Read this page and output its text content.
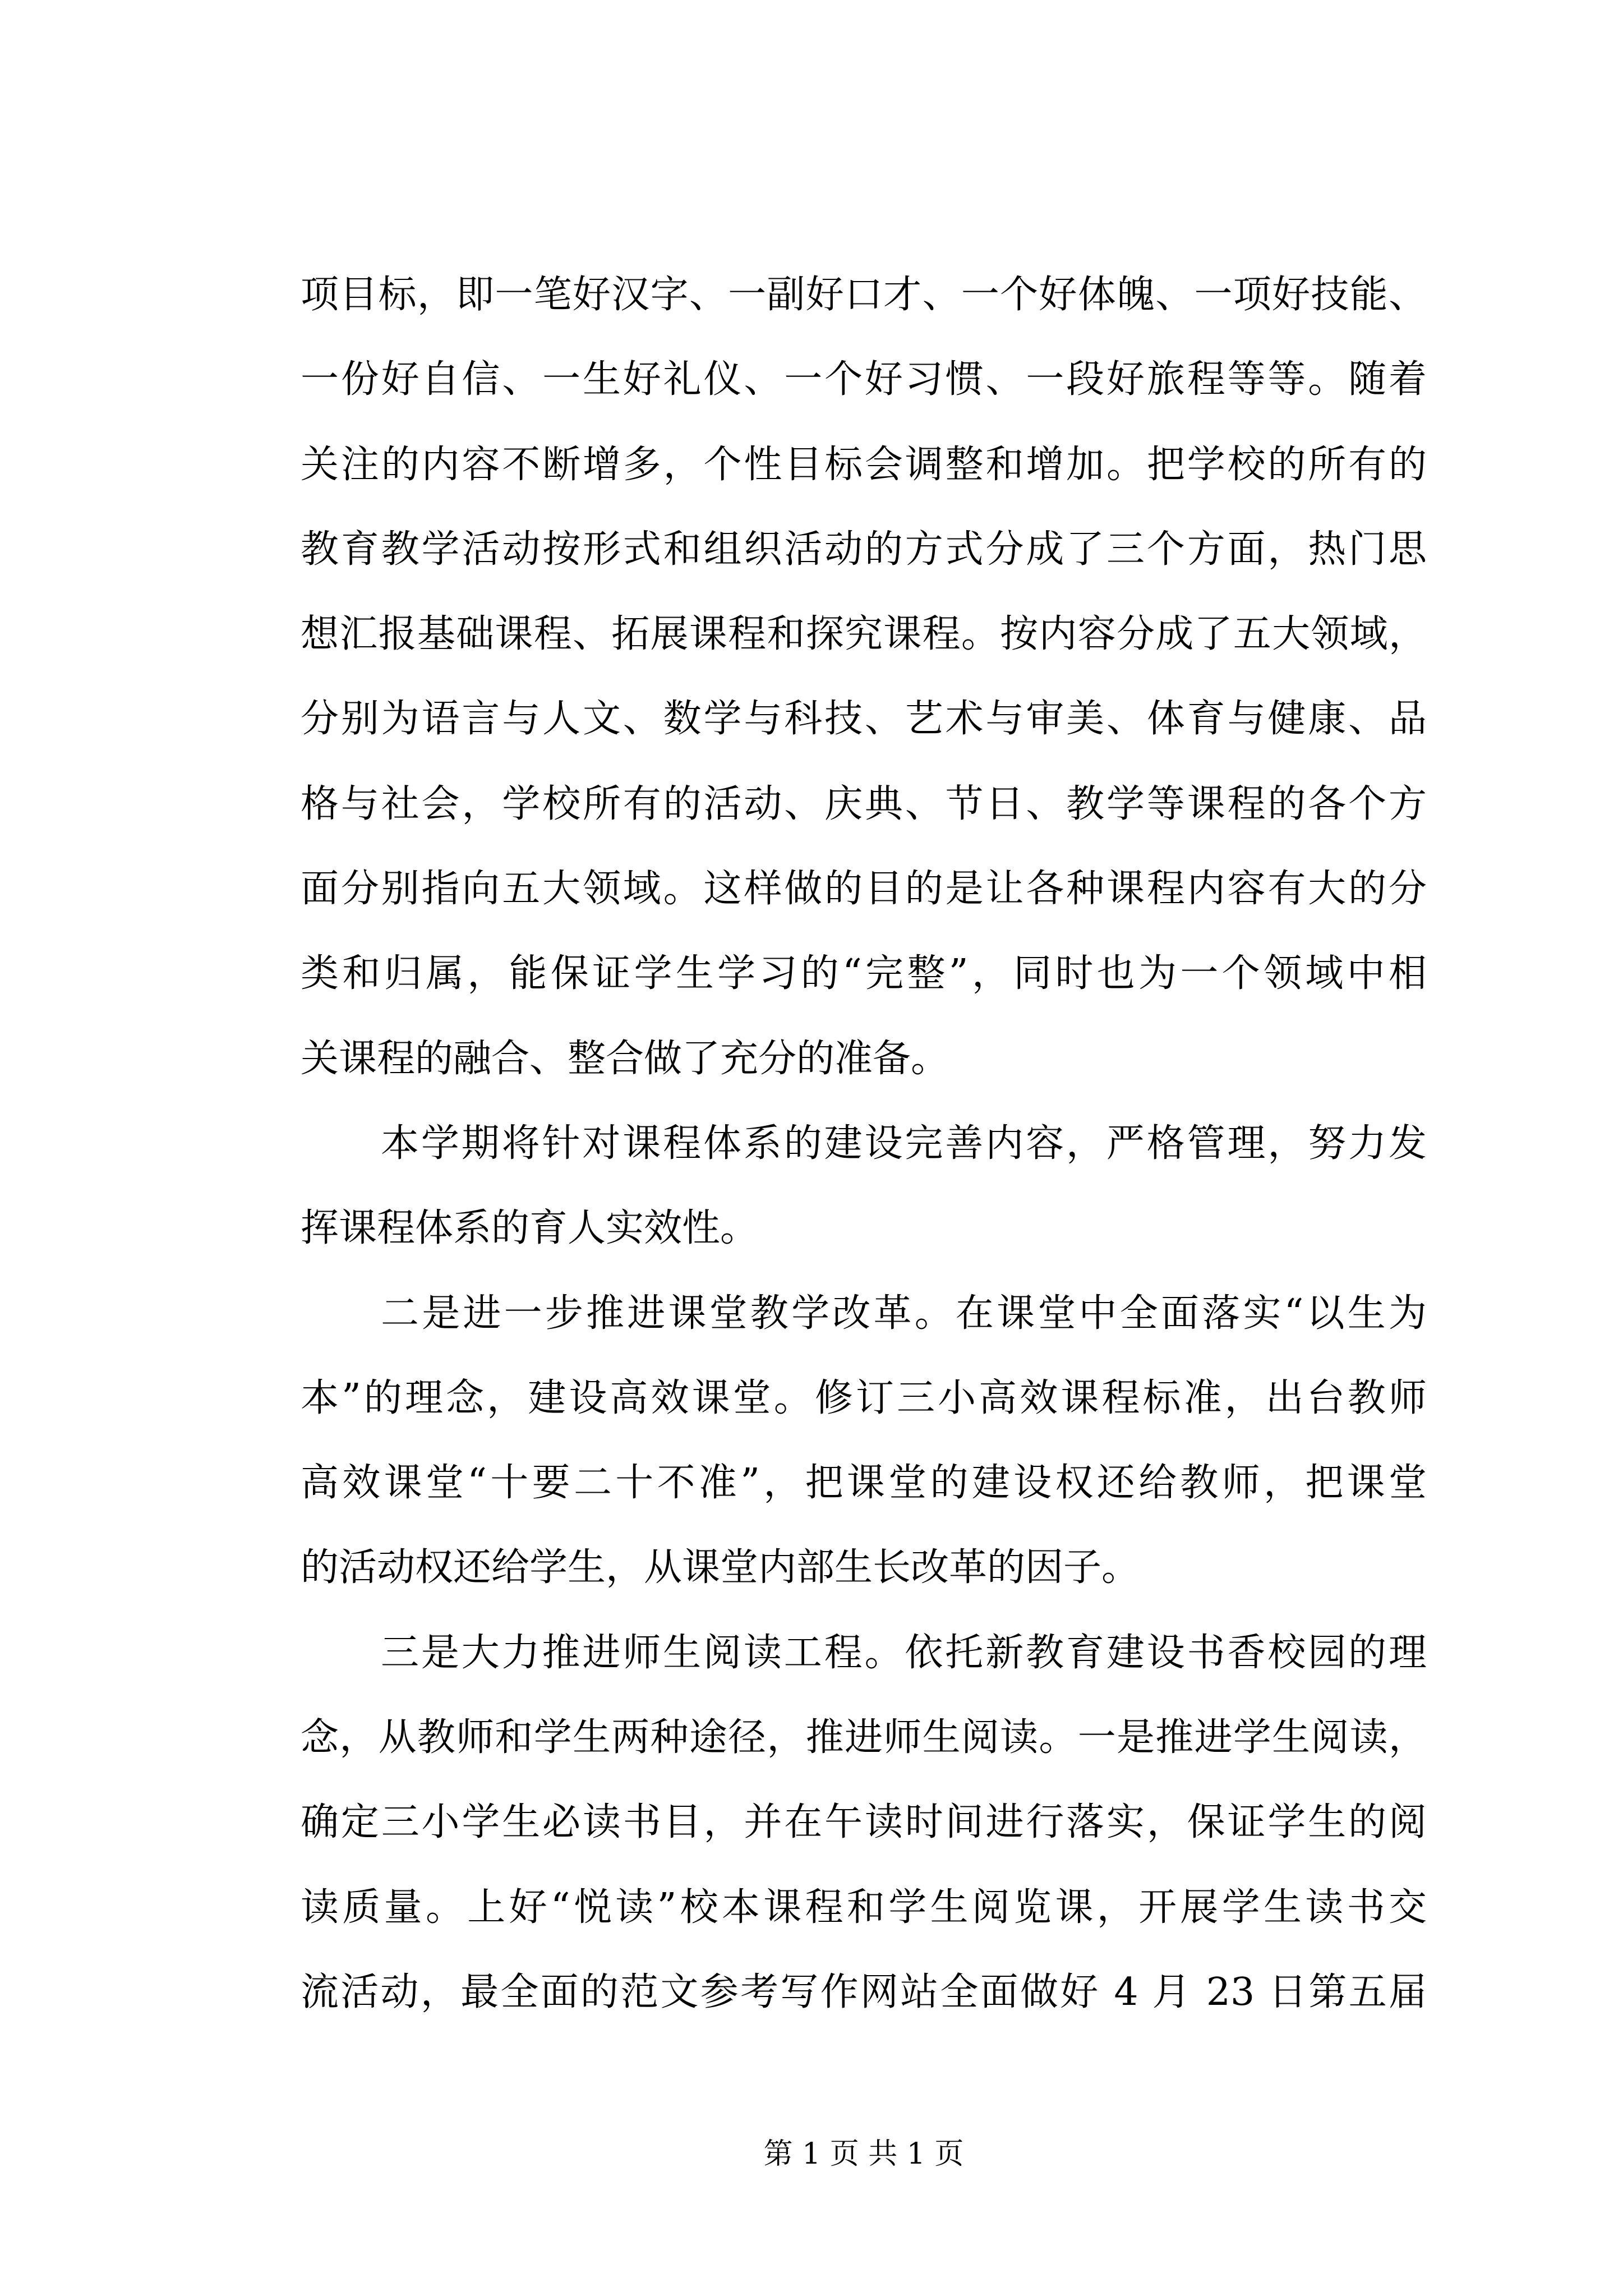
项目标，即一笔好汉字、一副好口才、一个好体魄、一项好技能、
一份好自信、一生好礼仪、一个好习惯、一段好旅程等等。随着
关注的内容不断增多，个性目标会调整和增加。把学校的所有的
教育教学活动按形式和组织活动的方式分成了三个方面，热门思
想汇报基础课程、拓展课程和探究课程。按内容分成了五大领域，
分别为语言与人文、数学与科技、艺术与审美、体育与健康、品
格与社会，学校所有的活动、庆典、节日、教学等课程的各个方
面分别指向五大领域。这样做的目的是让各种课程内容有大的分
类和归属，能保证学生学习的“完整”，同时也为一个领域中相
关课程的融合、整合做了充分的准备。
本学期将针对课程体系的建设完善内容，严格管理，努力发
挥课程体系的育人实效性。
二是进一步推进课堂教学改革。在课堂中全面落实“以生为
本”的理念，建设高效课堂。修订三小高效课程标准，出台教师
高效课堂“十要二十不准”，把课堂的建设权还给教师，把课堂
的活动权还给学生，从课堂内部生长改革的因子。
三是大力推进师生阅读工程。依托新教育建设书香校园的理
念，从教师和学生两种途径，推进师生阅读。一是推进学生阅读，
确定三小学生必读书目，并在午读时间进行落实，保证学生的阅
读质量。上好“悦读”校本课程和学生阅览课，开展学生读书交
流活动，最全面的范文参考写作网站全面做好 4 月 23 日第五届
第 1 页 共 1 页
